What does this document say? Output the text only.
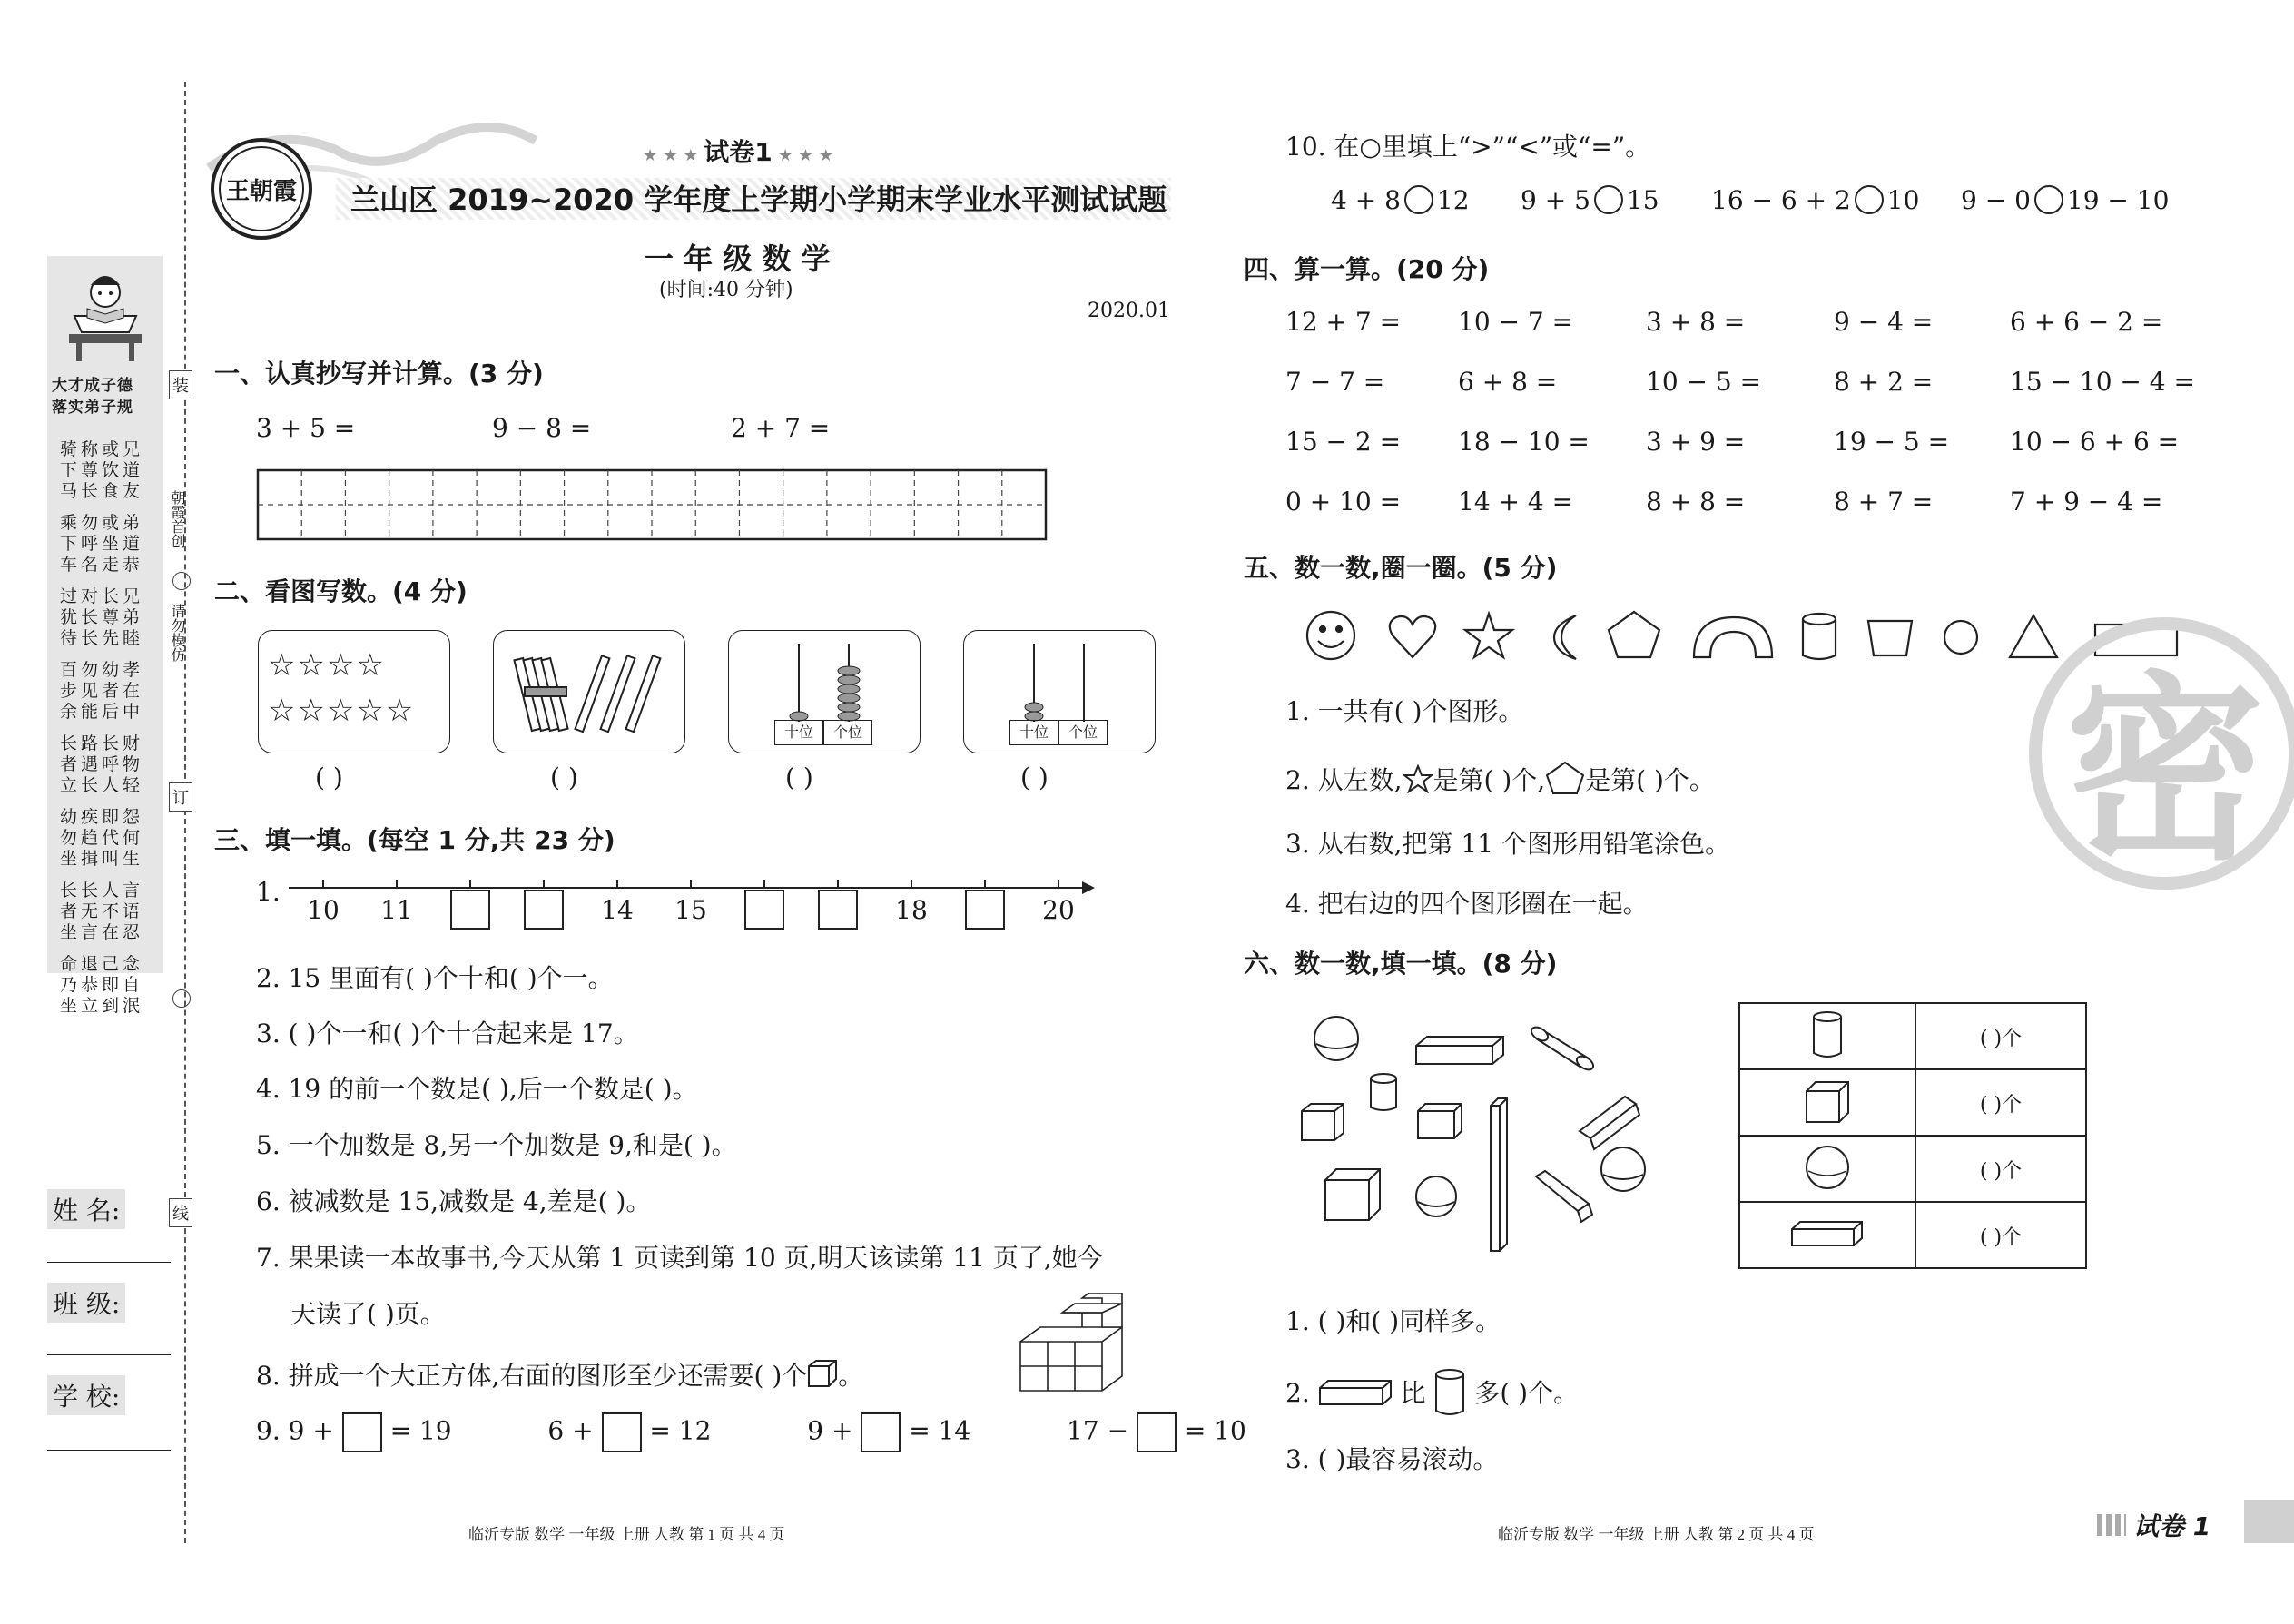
大才成子德
落实弟子规
骑称或兄
下尊饮道
马长食友
乘勿或弟
下呼坐道
车名走恭
过对长兄
犹长尊弟
待长先睦
百勿幼孝
步见者在
余能后中
长路长财
者遇呼物
立长人轻
幼疾即怨
勿趋代何
坐揖叫生
长长人言
者无不语
坐言在忍
命退己念
乃恭即自
坐立到泯
装
朝霞首创
请勿模仿
订
线
姓 名:
班 级:
学 校:
王朝霞
★ ★ ★ 试卷1 ★ ★ ★
兰山区 2019~2020 学年度上学期小学期末学业水平测试试题
一 年 级 数 学
(时间:40 分钟)
2020.01
一、认真抄写并计算。(3 分)
3 + 5 =	9 − 8 =	2 + 7 =
二、看图写数。(4 分)
☆☆☆☆
☆☆☆☆☆
十位	个位	十位	个位
( )	( )	( )	( )
三、填一填。(每空 1 分,共 23 分)
1.
10 11	14 15	18	20
2. 15 里面有( )个十和( )个一。
3. ( )个一和( )个十合起来是 17。
4. 19 的前一个数是( ),后一个数是( )。
5. 一个加数是 8,另一个加数是 9,和是( )。
6. 被减数是 15,减数是 4,差是( )。
7. 果果读一本故事书,今天从第 1 页读到第 10 页,明天该读第 11 页了,她今
天读了( )页。
8. 拼成一个大正方体,右面的图形至少还需要( )个 。
9. 9 + = 19	6 + = 12	9 + = 14	17 − = 10
临沂专版 数学 一年级 上册 人教 第 1 页 共 4 页
10. 在○里填上“>”“<”或“=”。
4 + 8 12 9 + 5 15 16 − 6 + 2 10 9 − 0 19 − 10
四、算一算。(20 分)
12 + 7 = 10 − 7 =	3 + 8 =	9 − 4 =	6 + 6 − 2 =
7 − 7 =	6 + 8 =	10 − 5 =	8 + 2 =	15 − 10 − 4 =
15 − 2 = 18 − 10 = 3 + 9 =	19 − 5 = 10 − 6 + 6 =
0 + 10 = 14 + 4 =	8 + 8 =	8 + 7 =	7 + 9 − 4 =
五、数一数,圈一圈。(5 分)
1. 一共有( )个图形。
2. 从左数, 是第( )个, 是第( )个。
3. 从右数,把第 11 个图形用铅笔涂色。
4. 把右边的四个图形圈在一起。
六、数一数,填一填。(8 分)
	( )个
	( )个
	( )个
	( )个
1. ( )和( )同样多。
2.	比 多( )个。
3. ( )最容易滚动。
临沂专版 数学 一年级 上册 人教 第 2 页 共 4 页	试卷 1
密
